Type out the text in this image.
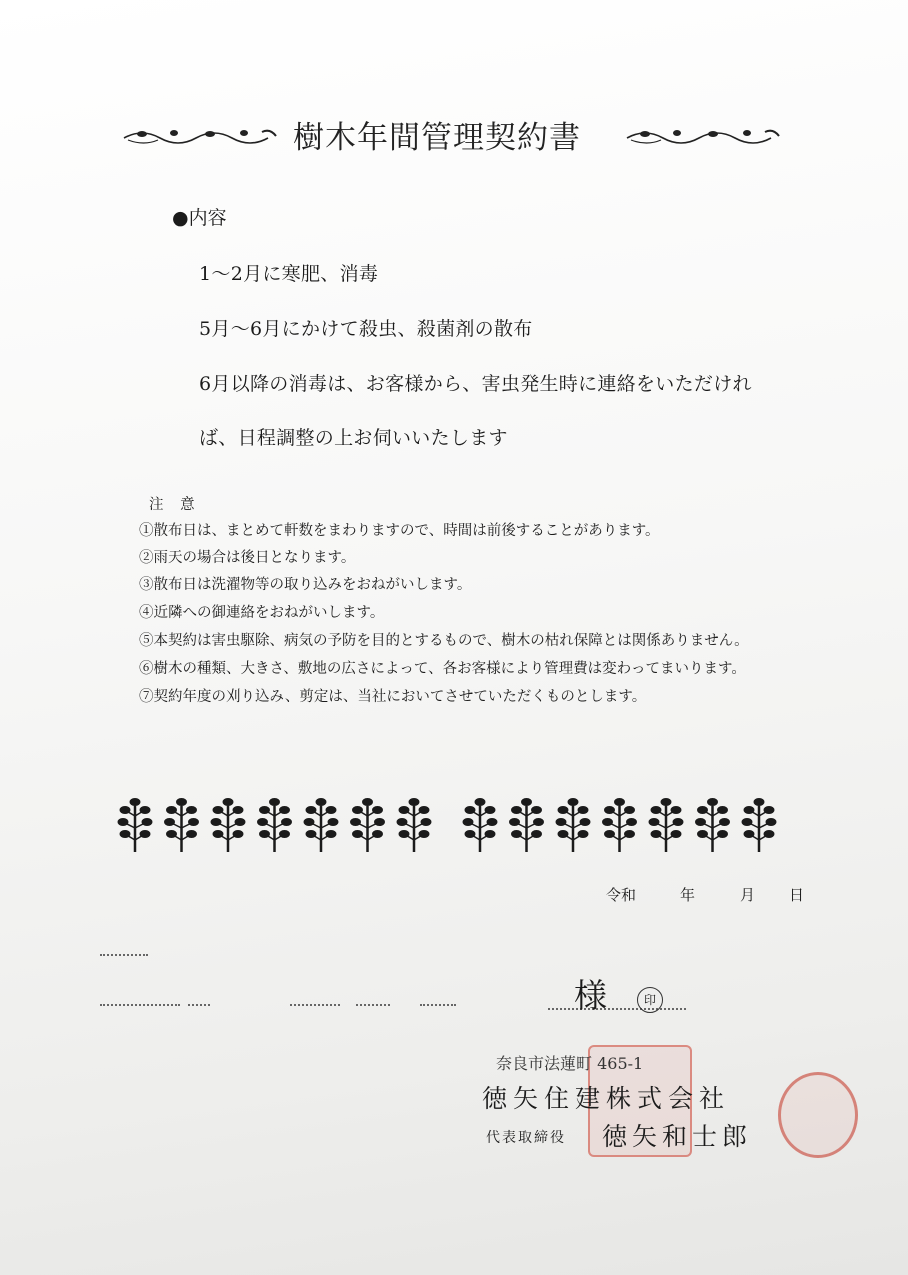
樹木年間管理契約書
●内容
1～2月に寒肥、消毒
5月～6月にかけて殺虫、殺菌剤の散布
6月以降の消毒は、お客様から、害虫発生時に連絡をいただけれ
ば、日程調整の上お伺いいたします
注 意
①散布日は、まとめて軒数をまわりますので、時間は前後することがあります。
②雨天の場合は後日となります。
③散布日は洗濯物等の取り込みをおねがいします。
④近隣への御連絡をおねがいします。
⑤本契約は害虫駆除、病気の予防を目的とするもので、樹木の枯れ保障とは関係ありません。
⑥樹木の種類、大きさ、敷地の広さによって、各お客様により管理費は変わってまいります。
⑦契約年度の刈り込み、剪定は、当社においてさせていただくものとします。
令和	年	月 日
様	印
奈良市法蓮町 465-1
徳矢住建株式会社
代表取締役 徳矢和士郎
